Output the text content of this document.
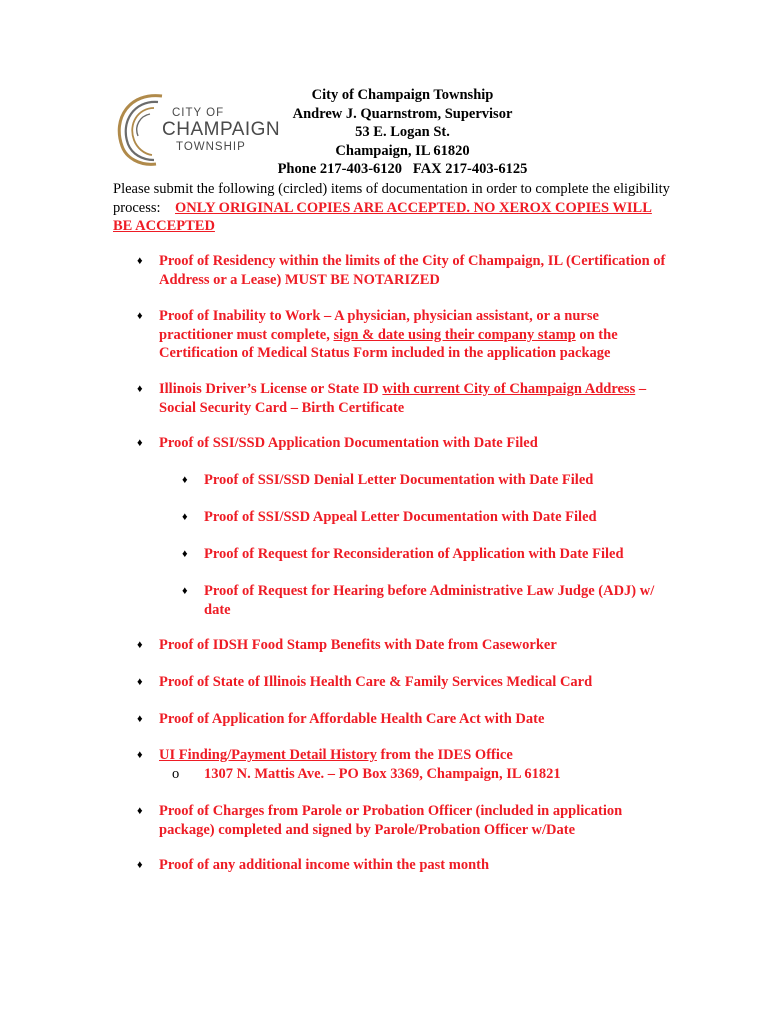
CITY OF
CHAMPAIGN
TOWNSHIP
City of Champaign Township
Andrew J. Quarnstrom, Supervisor
53 E. Logan St.
Champaign, IL 61820
Phone 217-403-6120   FAX 217-403-6125
Please submit the following (circled) items of documentation in order to complete the eligibility process: ONLY ORIGINAL COPIES ARE ACCEPTED. NO XEROX COPIES WILL BE ACCEPTED
♦ Proof of Residency within the limits of the City of Champaign, IL (Certification of Address or a Lease) MUST BE NOTARIZED
♦ Proof of Inability to Work – A physician, physician assistant, or a nurse practitioner must complete, sign & date using their company stamp on the Certification of Medical Status Form included in the application package
♦ Illinois Driver’s License or State ID with current City of Champaign Address – Social Security Card – Birth Certificate
♦ Proof of SSI/SSD Application Documentation with Date Filed
♦ Proof of SSI/SSD Denial Letter Documentation with Date Filed
♦ Proof of SSI/SSD Appeal Letter Documentation with Date Filed
♦ Proof of Request for Reconsideration of Application with Date Filed
♦ Proof of Request for Hearing before Administrative Law Judge (ADJ) w/ date
♦ Proof of IDSH Food Stamp Benefits with Date from Caseworker
♦ Proof of State of Illinois Health Care & Family Services Medical Card
♦ Proof of Application for Affordable Health Care Act with Date
♦ UI Finding/Payment Detail History from the IDES Office
o 1307 N. Mattis Ave. – PO Box 3369, Champaign, IL 61821
♦ Proof of Charges from Parole or Probation Officer (included in application package) completed and signed by Parole/Probation Officer w/Date
♦ Proof of any additional income within the past month
